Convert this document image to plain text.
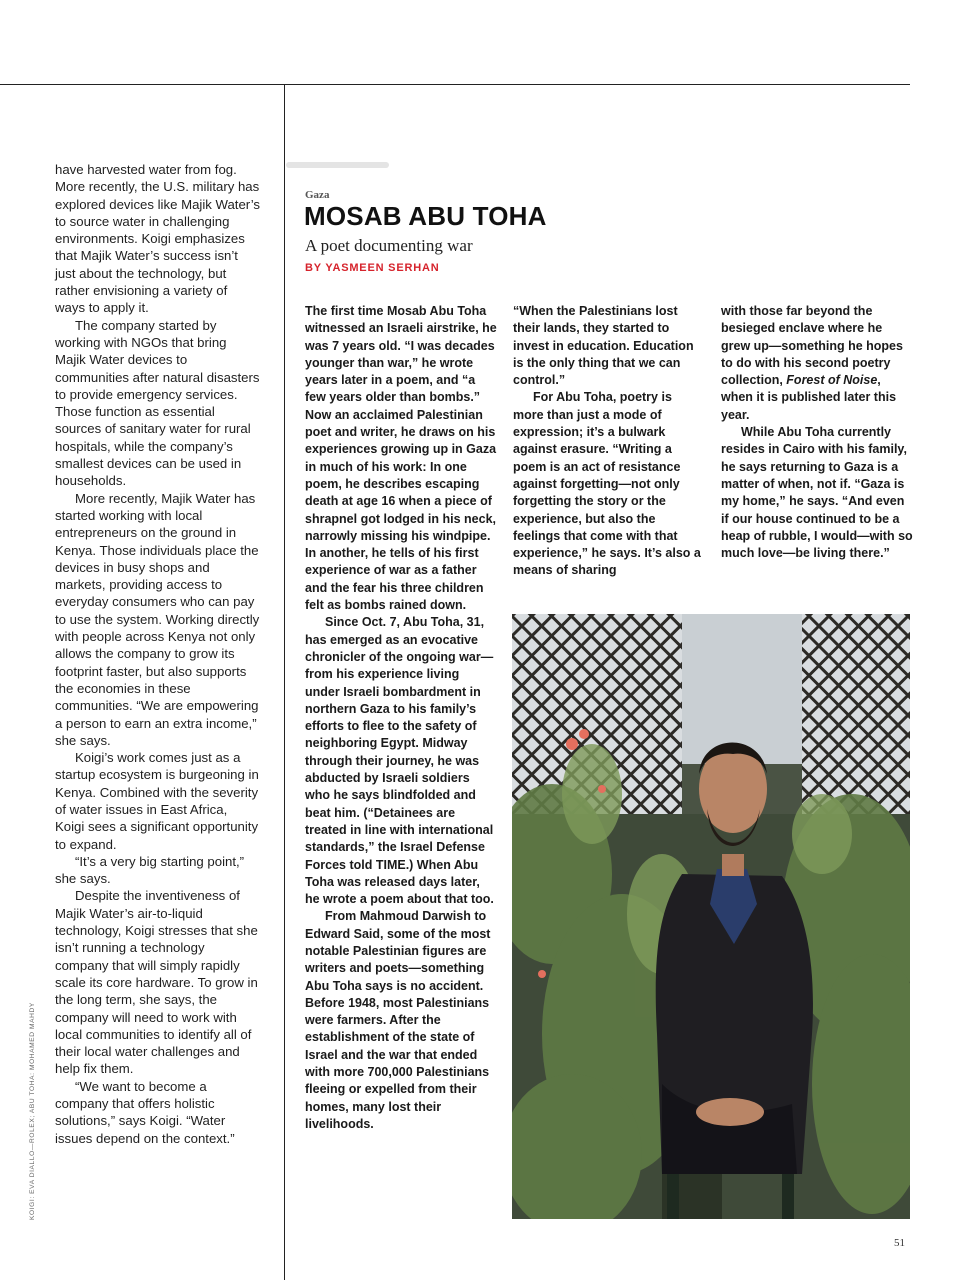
have harvested water from fog. More recently, the U.S. military has explored devices like Majik Water’s to source water in challenging environments. Koigi emphasizes that Majik Water’s success isn’t just about the technology, but rather envisioning a variety of ways to apply it.

The company started by working with NGOs that bring Majik Water devices to communities after natural disasters to provide emergency services. Those function as essential sources of sanitary water for rural hospitals, while the company’s smallest devices can be used in households.

More recently, Majik Water has started working with local entrepreneurs on the ground in Kenya. Those individuals place the devices in busy shops and markets, providing access to everyday consumers who can pay to use the system. Working directly with people across Kenya not only allows the company to grow its footprint faster, but also supports the economies in these communities. “We are empowering a person to earn an extra income,” she says.

Koigi’s work comes just as a startup ecosystem is burgeoning in Kenya. Combined with the severity of water issues in East Africa, Koigi sees a significant opportunity to expand.

“It’s a very big starting point,” she says.

Despite the inventiveness of Majik Water’s air-to-liquid technology, Koigi stresses that she isn’t running a technology company that will simply rapidly scale its core hardware. To grow in the long term, she says, the company will need to work with local communities to identify all of their local water challenges and help fix them.

“We want to become a company that offers holistic solutions,” says Koigi. “Water issues depend on the context.”

KOIGI: EVA DIALLO—ROLEX; ABU TOHA: MOHAMED MAHDY
Gaza
MOSAB ABU TOHA
A poet documenting war
BY YASMEEN SERHAN

The first time Mosab Abu Toha witnessed an Israeli airstrike, he was 7 years old. “I was decades younger than war,” he wrote years later in a poem, and “a few years older than bombs.” Now an acclaimed Palestinian poet and writer, he draws on his experiences growing up in Gaza in much of his work: In one poem, he describes escaping death at age 16 when a piece of shrapnel got lodged in his neck, narrowly missing his windpipe. In another, he tells of his first experience of war as a father and the fear his three children felt as bombs rained down.

Since Oct. 7, Abu Toha, 31, has emerged as an evocative chronicler of the ongoing war—from his experience living under Israeli bombardment in northern Gaza to his family’s efforts to flee to the safety of neighboring Egypt. Midway through their journey, he was abducted by Israeli soldiers who he says blindfolded and beat him. (“Detainees are treated in line with international standards,” the Israel Defense Forces told TIME.) When Abu Toha was released days later, he wrote a poem about that too.

From Mahmoud Darwish to Edward Said, some of the most notable Palestinian figures are writers and poets—something Abu Toha says is no accident. Before 1948, most Palestinians were farmers. After the establishment of the state of Israel and the war that ended with more 700,000 Palestinians fleeing or expelled from their homes, many lost their livelihoods.

“When the Palestinians lost their lands, they started to invest in education. Education is the only thing that we can control.”

For Abu Toha, poetry is more than just a mode of expression; it’s a bulwark against erasure. “Writing a poem is an act of resistance against forgetting—not only forgetting the story or the experience, but also the feelings that come with that experience,” he says. It’s also a means of sharing

with those far beyond the besieged enclave where he grew up—something he hopes to do with his second poetry collection, Forest of Noise, when it is published later this year.

While Abu Toha currently resides in Cairo with his family, he says returning to Gaza is a matter of when, not if. “Gaza is my home,” he says. “And even if our house continued to be a heap of rubble, I would—with so much love—be living there.”

51
